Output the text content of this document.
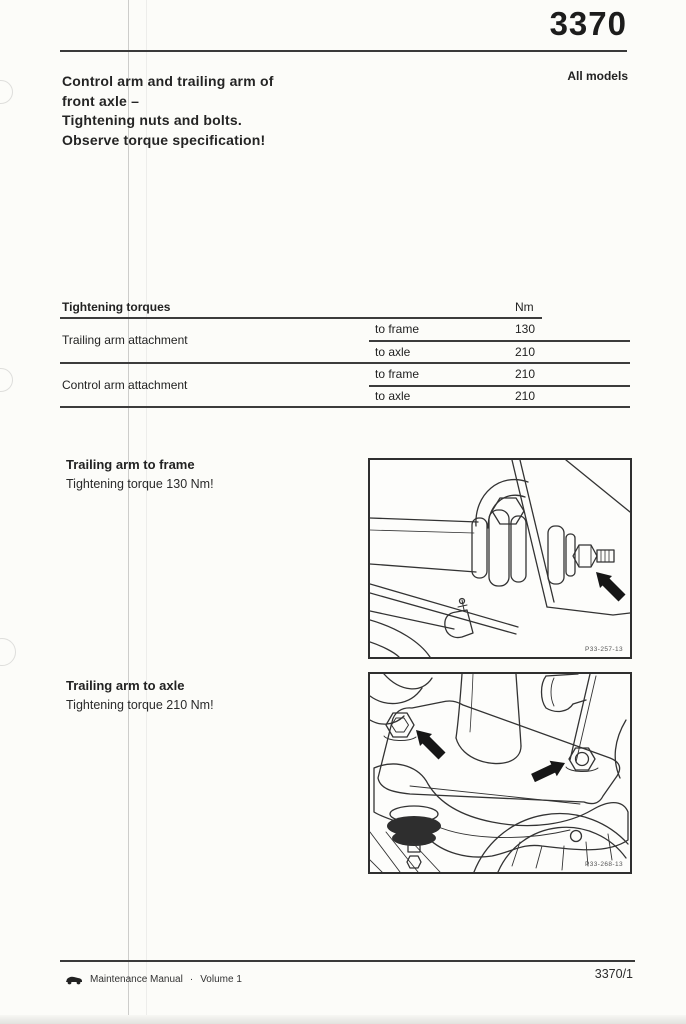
3370
All models
Control arm and trailing arm of
front axle –
Tightening nuts and bolts.
Observe torque specification!
Tightening torques	Nm
Trailing arm attachment
to frame	130
to axle	210
Control arm attachment
to frame	210
to axle	210
Trailing arm to frame
Tightening torque 130 Nm!
P33-257-13
Trailing arm to axle
Tightening torque 210 Nm!
P33-268-13
Maintenance Manual · Volume 1	3370/1
